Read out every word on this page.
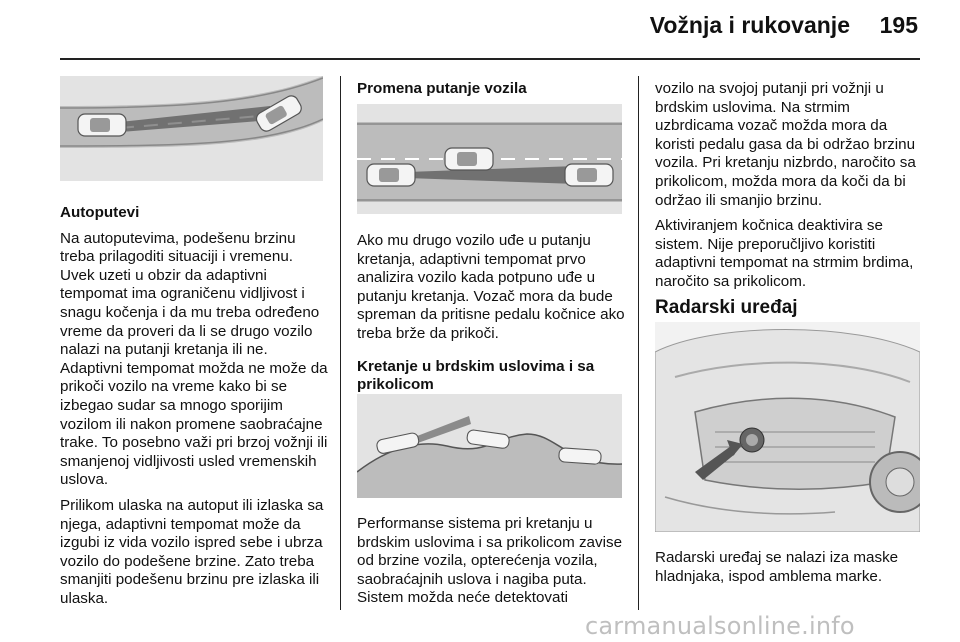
Vožnja i rukovanje 195

Autoputevi

Na autoputevima, podešenu brzinu treba prilagoditi situaciji i vremenu. Uvek uzeti u obzir da adaptivni tempomat ima ograničenu vidljivost i snagu kočenja i da mu treba određeno vreme da proveri da li se drugo vozilo nalazi na putanji kretanja ili ne. Adaptivni tempomat možda ne može da prikoči vozilo na vreme kako bi se izbegao sudar sa mnogo sporijim vozilom ili nakon promene saobraćajne trake. To posebno važi pri brzoj vožnji ili smanjenoj vidljivosti usled vremenskih uslova.

Prilikom ulaska na autoput ili izlaska sa njega, adaptivni tempomat može da izgubi iz vida vozilo ispred sebe i ubrza vozilo do podešene brzine. Zato treba smanjiti podešenu brzinu pre izlaska ili ulaska.

Promena putanje vozila

Ako mu drugo vozilo uđe u putanju kretanja, adaptivni tempomat prvo analizira vozilo kada potpuno uđe u putanju kretanja. Vozač mora da bude spreman da pritisne pedalu kočnice ako treba brže da prikoči.

Kretanje u brdskim uslovima i sa prikolicom

Performanse sistema pri kretanju u brdskim uslovima i sa prikolicom zavise od brzine vozila, opterećenja vozila, saobraćajnih uslova i nagiba puta. Sistem možda neće detektovati

vozilo na svojoj putanji pri vožnji u brdskim uslovima. Na strmim uzbrdicama vozač možda mora da koristi pedalu gasa da bi održao brzinu vozila. Pri kretanju nizbrdo, naročito sa prikolicom, možda mora da koči da bi održao ili smanjio brzinu.

Aktiviranjem kočnica deaktivira se sistem. Nije preporučljivo koristiti adaptivni tempomat na strmim brdima, naročito sa prikolicom.

Radarski uređaj

Radarski uređaj se nalazi iza maske hladnjaka, ispod amblema marke.

carmanualsonline.info
